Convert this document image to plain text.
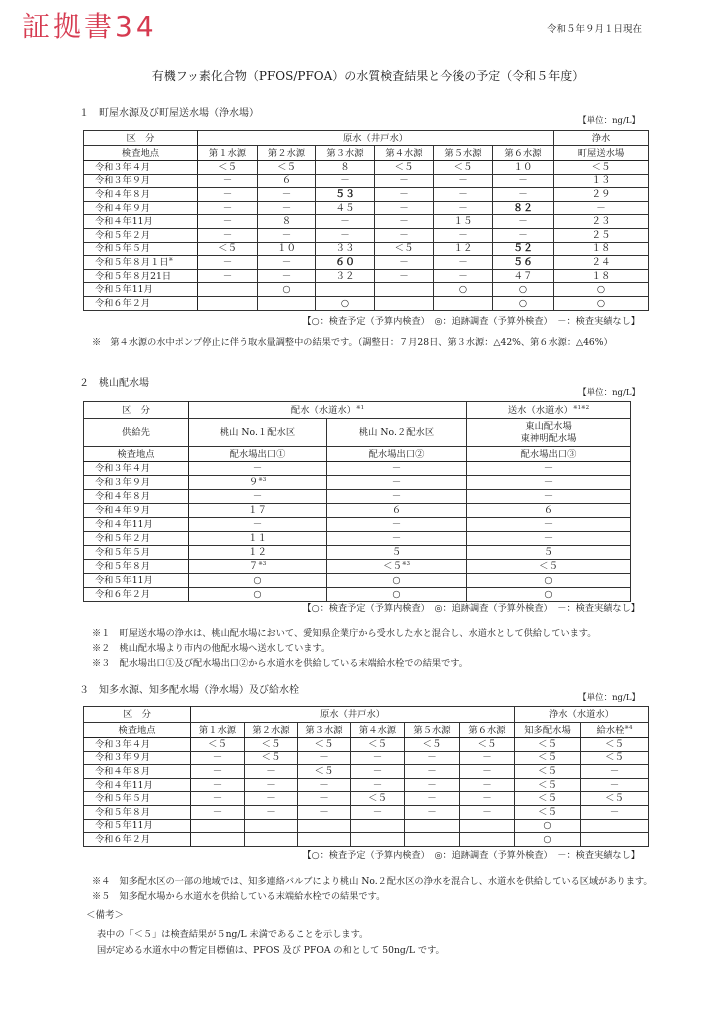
証拠書34	令和５年９月１日現在
有機フッ素化合物（PFOS/PFOA）の水質検査結果と今後の予定（令和５年度）
１　町屋水源及び町屋送水場（浄水場）
【単位：ng/L】
区　分	原水（井戸水）						浄水
検査地点	第１水源	第２水源	第３水源	第４水源	第５水源	第６水源	町屋送水場
令和３年４月	＜５	＜５	８	＜５	＜５	１０	＜５
令和３年９月	－	６	－	－	－	－	１３
令和４年８月	－	－	５３	－	－	－	２９
令和４年９月	－	－	４５	－	－	８２	－
令和４年11月	－	８	－	－	１５	－	２３
令和５年２月	－	－	－	－	－	－	２５
令和５年５月	＜５	１０	３３	＜５	１２	５２	１８
令和５年８月１日※	－	－	６０	－	－	５６	２４
令和５年８月21日	－	－	３２	－	－	４７	１８
令和５年11月		○			○	○	○
令和６年２月			○			○	○
【○：検査予定（予算内検査）　◎：追跡調査（予算外検査）　－：検査実績なし】
※　第４水源の水中ポンプ停止に伴う取水量調整中の結果です。（調整日：７月28日、第３水源：△42%、第６水源：△46%）
２　桃山配水場
【単位：ng/L】
区　分	配水（水道水）$^{※1}$		送水（水道水）$^{※1※2}$
供給先	桃山 No.１配水区	桃山 No.２配水区	東山配水場
東神明配水場

検査地点	配水場出口①	配水場出口②	配水場出口③
令和３年４月	－	－	－
令和３年９月	$9^{※3}$	－	－
令和４年８月	－	－	－
令和４年９月	１７	６	６
令和４年11月	－	－	－
令和５年２月	１１	－	－
令和５年５月	１２	５	５
令和５年８月	$7^{※3}$	$<5^{※3}$	＜５
令和５年11月	○	○	○
令和６年２月	○	○	○
【○：検査予定（予算内検査）　◎：追跡調査（予算外検査）　－：検査実績なし】
※１　町屋送水場の浄水は、桃山配水場において、愛知県企業庁から受水した水と混合し、水道水として供給しています。
※２　桃山配水場より市内の他配水場へ送水しています。
※３　配水場出口①及び配水場出口②から水道水を供給している末端給水栓での結果です。
３　知多水源、知多配水場（浄水場）及び給水栓
【単位：ng/L】
区　分	原水（井戸水）						浄水（水道水）	
検査地点	第１水源	第２水源	第３水源	第４水源	第５水源	第６水源	知多配水場	給水栓$^{※4}$
令和３年４月	＜５	＜５	＜５	＜５	＜５	＜５	＜５	＜５
令和３年９月	－	＜５	－	－	－	－	＜５	＜５
令和４年８月	－	－	＜５	－	－	－	＜５	－
令和４年11月	－	－	－	－	－	－	＜５	－
令和５年５月	－	－	－	＜５	－	－	＜５	＜５
令和５年８月	－	－	－	－	－	－	＜５	－
令和５年11月							○	
令和６年２月							○	
【○：検査予定（予算内検査）　◎：追跡調査（予算外検査）　－：検査実績なし】
※４　知多配水区の一部の地域では、知多連絡バルブにより桃山 No.２配水区の浄水を混合し、水道水を供給している区域があります。
※５　知多配水場から水道水を供給している末端給水栓での結果です。
＜備考＞
表中の「＜５」は検査結果が５ng/L 未満であることを示します。
国が定める水道水中の暫定目標値は、PFOS 及び PFOA の和として 50ng/L です。
